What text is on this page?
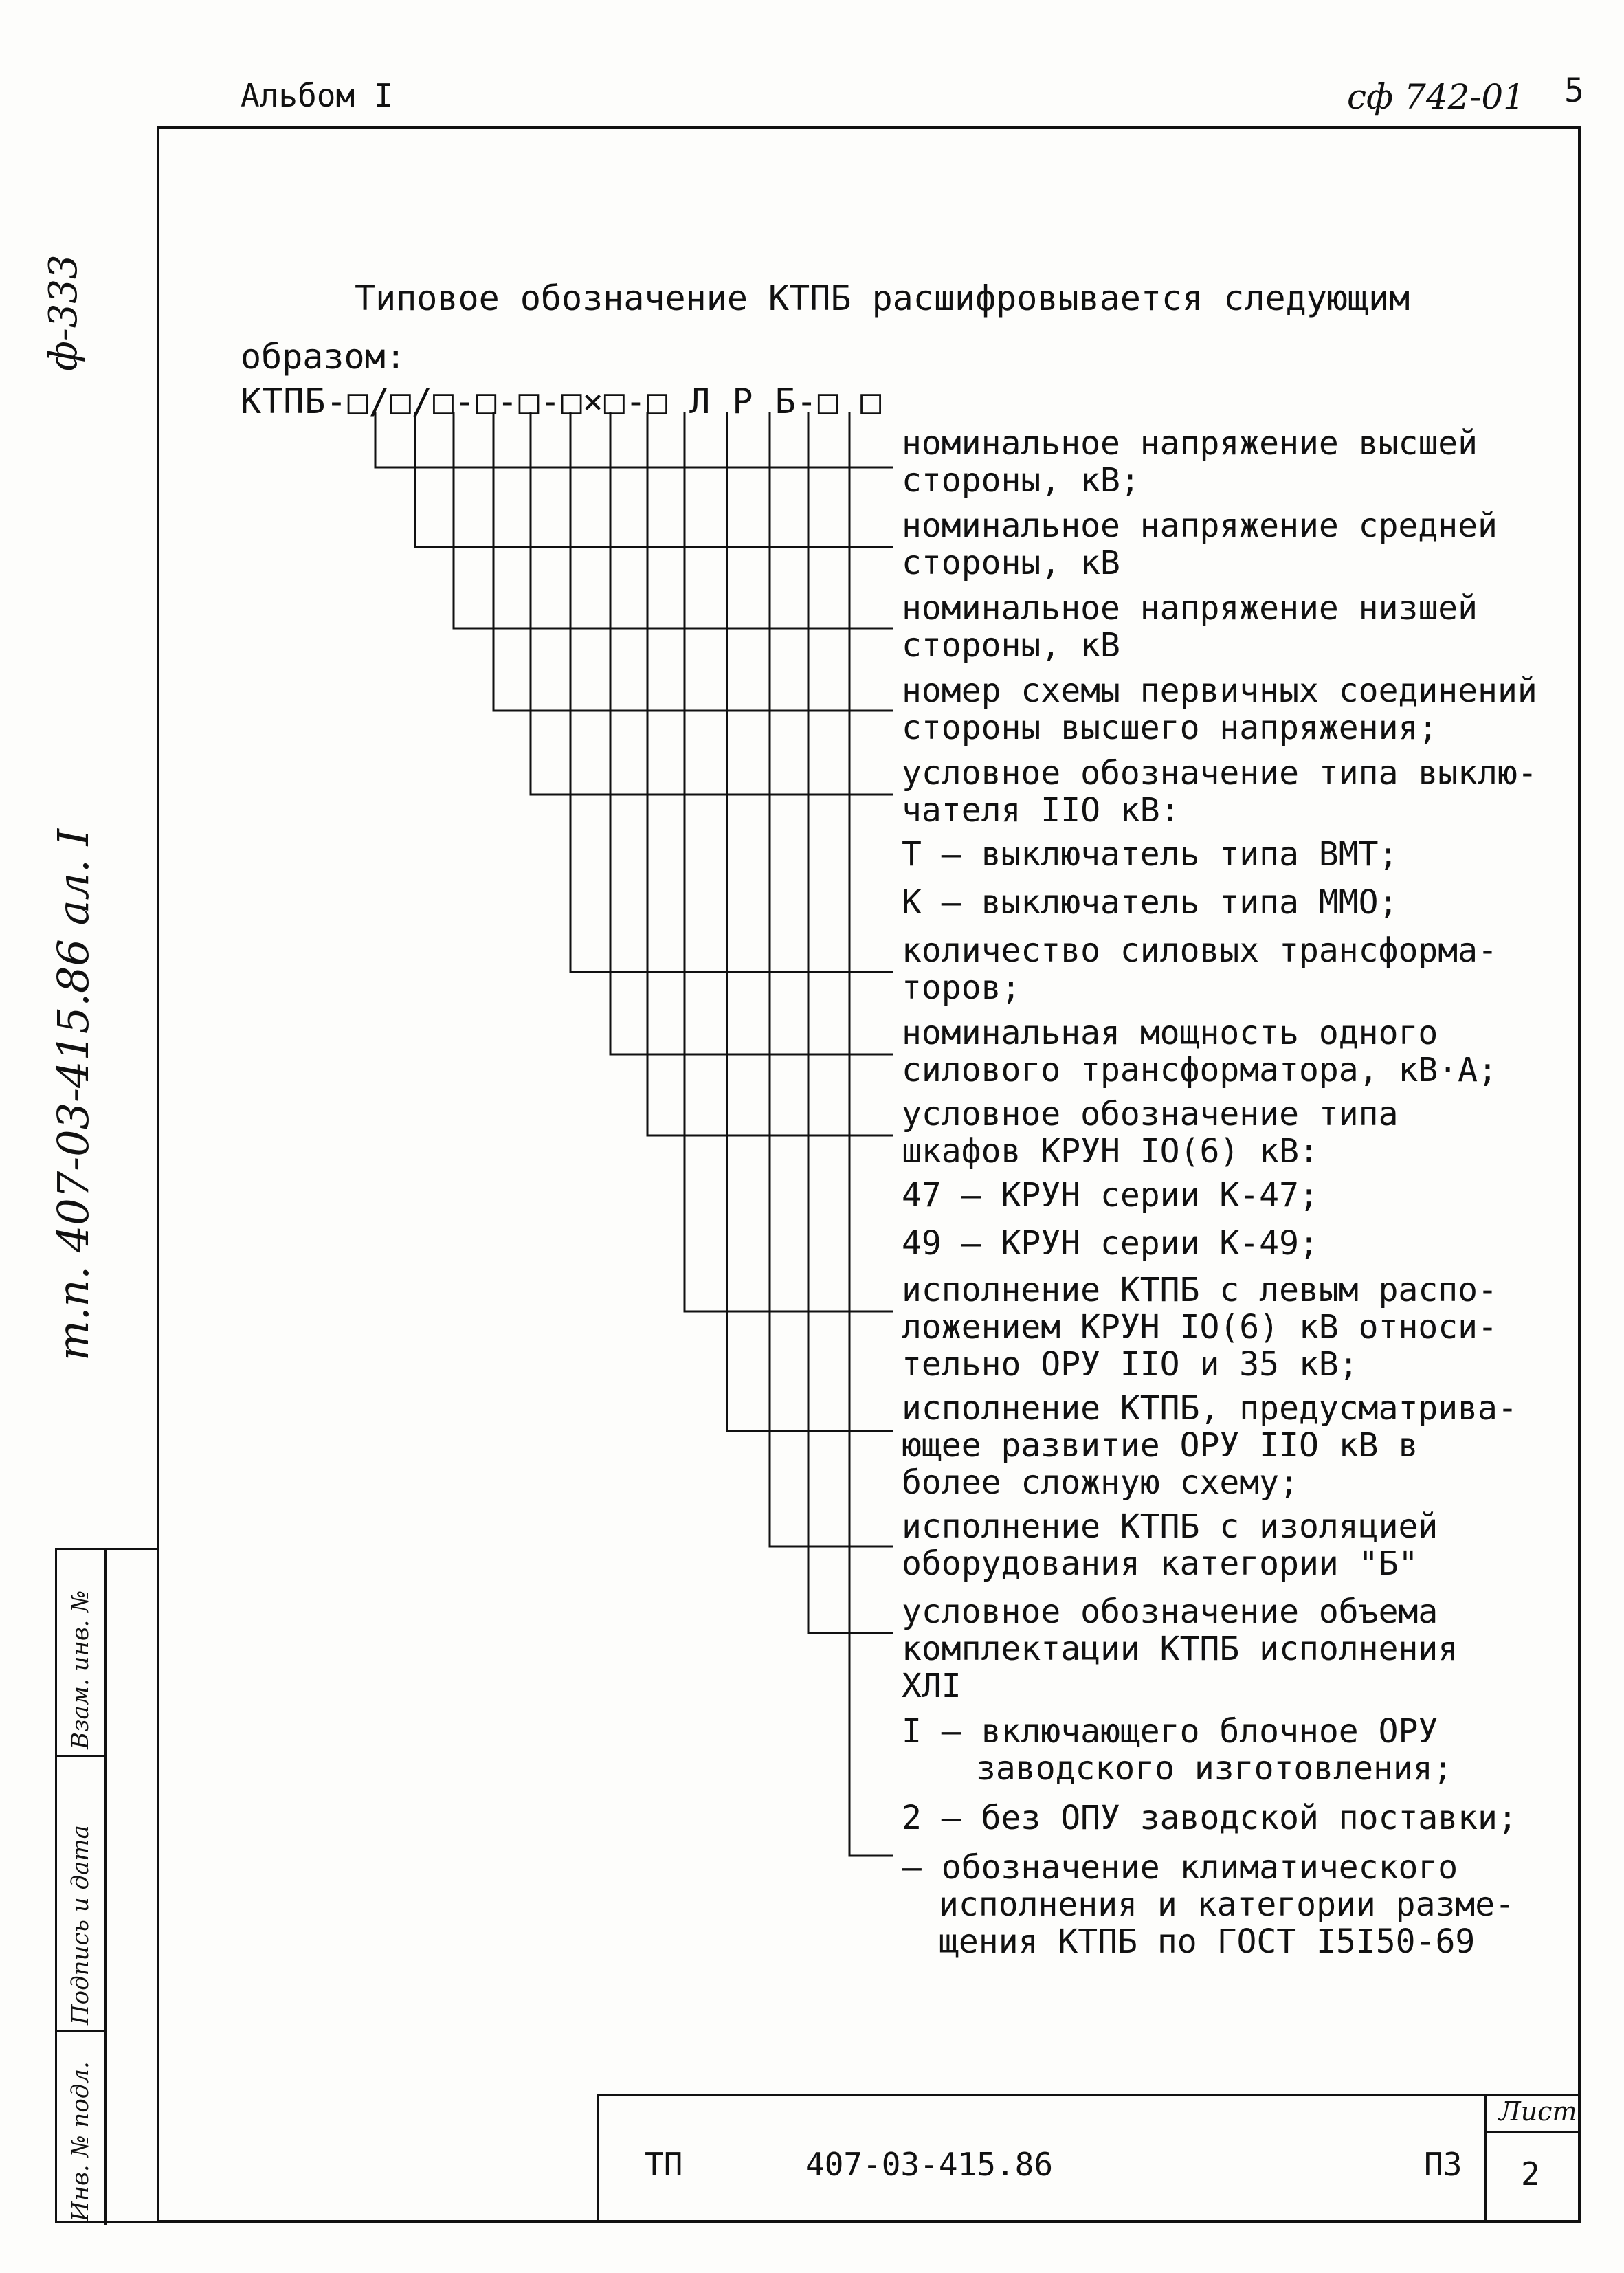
Альбом I	сф 742-01 5
ф-333
т.п. 407-03-415.86 ал. I
Взам. инв. №
Подпись и дата
Инв. № подл.
Типовое обозначение КТПБ расшифровывается следующим
образом:
КТПБ-□/□/□-□-□-□×□-□ Л Р Б-□ □
номинальное напряжение высшей
стороны, кВ;
номинальное напряжение средней
стороны, кВ
номинальное напряжение низшей
стороны, кВ
номер схемы первичных соединений
стороны высшего напряжения;
условное обозначение типа выклю-
чателя IIO кВ:
Т – выключатель типа ВМТ;
К – выключатель типа ММО;
количество силовых трансформа-
торов;
номинальная мощность одного
силового трансформатора, кВ·А;
условное обозначение типа
шкафов КРУН IO(6) кВ:
47 – КРУН серии К-47;
49 – КРУН серии К-49;
исполнение КТПБ с левым распо-
ложением КРУН IO(6) кВ относи-
тельно ОРУ IIO и 35 кВ;
исполнение КТПБ, предусматрива-
ющее развитие ОРУ IIO кВ в
более сложную схему;
исполнение КТПБ с изоляцией
оборудования категории "Б"
условное обозначение объема
комплектации КТПБ исполнения
ХЛI
I – включающего блочное ОРУ
заводского изготовления;
2 – без ОПУ заводской поставки;
– обозначение климатического
исполнения и категории разме-
щения КТПБ по ГОСТ I5I50-69
ТП	407-03-415.86	ПЗ
Лист
2
